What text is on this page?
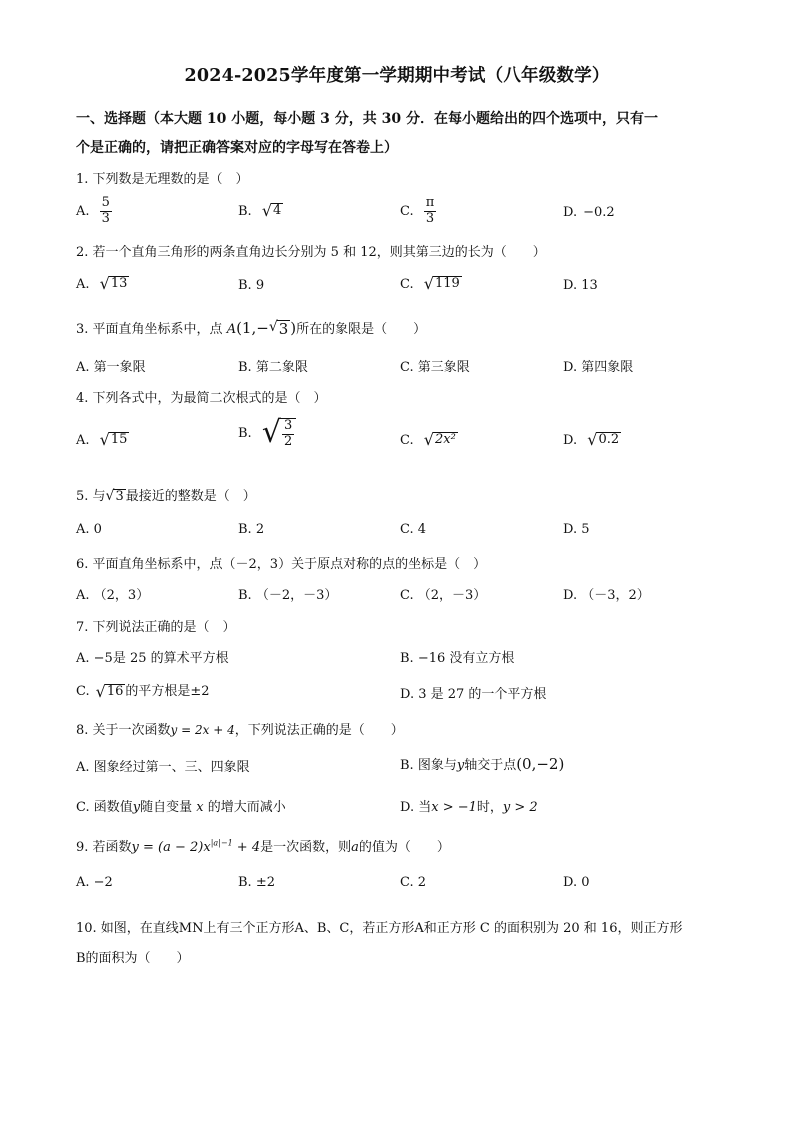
2024-2025学年度第一学期期中考试（八年级数学）
一、选择题（本大题 10 小题，每小题 3 分，共 30 分．在每小题给出的四个选项中，只有一
个是正确的，请把正确答案对应的字母写在答卷上）
1. 下列数是无理数的是（　）
A. $\frac{5}{3}$	B. √ 4	C. $\frac{\pi}{3}$	D. −0.2
2. 若一个直角三角形的两条直角边长分别为 5 和 12，则其第三边的长为（　　）
A. √ 13	B. 9	C. √ 119	D. 13
3. 平面直角坐标系中，点 A(1,− √ 3 )所在的象限是（　　）
A. 第一象限	B. 第二象限	C. 第三象限	D. 第四象限
4. 下列各式中，为最简二次根式的是（　）
A. √ 15	B. √ $\frac{3}{2}$	C. √ 2x²	D. √ 0.2
5. 与 √ 3 最接近的整数是（　）
A. 0	B. 2	C. 4	D. 5
6. 平面直角坐标系中，点（－2，3）关于原点对称的点的坐标是（　）
A. （2，3）	B. （－2，－3）	C. （2，－3）	D. （－3，2）
7. 下列说法正确的是（　）
A. −5是 25 的算术平方根	B. −16 没有立方根
C. √ 16 的平方根是±2	D. 3 是 27 的一个平方根
8. 关于一次函数y = 2x + 4，下列说法正确的是（　　）
A. 图象经过第一、三、四象限	B. 图象与y轴交于点(0,−2)
C. 函数值y随自变量 x 的增大而减小	D. 当x > −1时，y > 2
9. 若函数$y = (a - 2)x^{|a|-1} + 4$是一次函数，则a的值为（　　）
A. −2	B. ±2	C. 2	D. 0
10. 如图，在直线MN上有三个正方形A、B、C，若正方形A和正方形 C 的面积别为 20 和 16，则正方形
B的面积为（　　）
